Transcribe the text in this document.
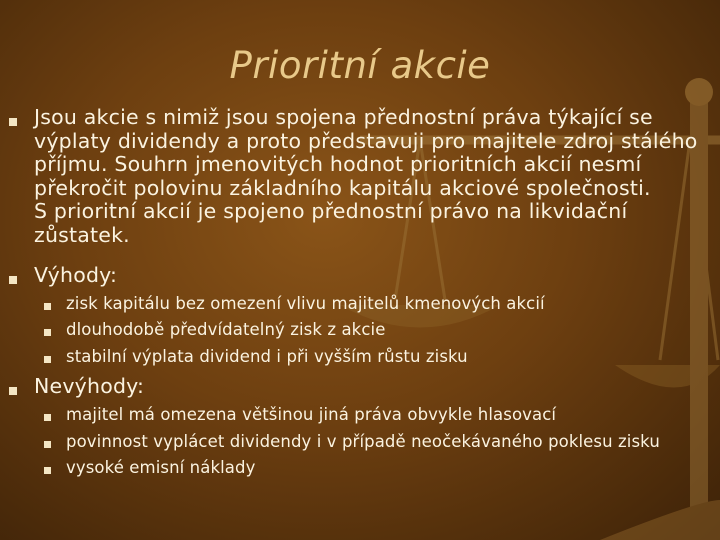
Prioritní akcie
Jsou akcie s nimiž jsou spojena přednostní práva týkající se
výplaty dividendy a proto představuji pro majitele zdroj stálého
příjmu. Souhrn jmenovitých hodnot prioritních akcií nesmí
překročit polovinu základního kapitálu akciové společnosti.
S prioritní akcií je spojeno přednostní právo na likvidační
zůstatek.
Výhody:
zisk kapitálu bez omezení vlivu majitelů kmenových akcií
dlouhodobě předvídatelný zisk z akcie
stabilní výplata dividend i při vyšším růstu zisku
Nevýhody:
majitel má omezena většinou jiná práva obvykle hlasovací
povinnost vyplácet dividendy i v případě neočekávaného poklesu zisku
vysoké emisní náklady
